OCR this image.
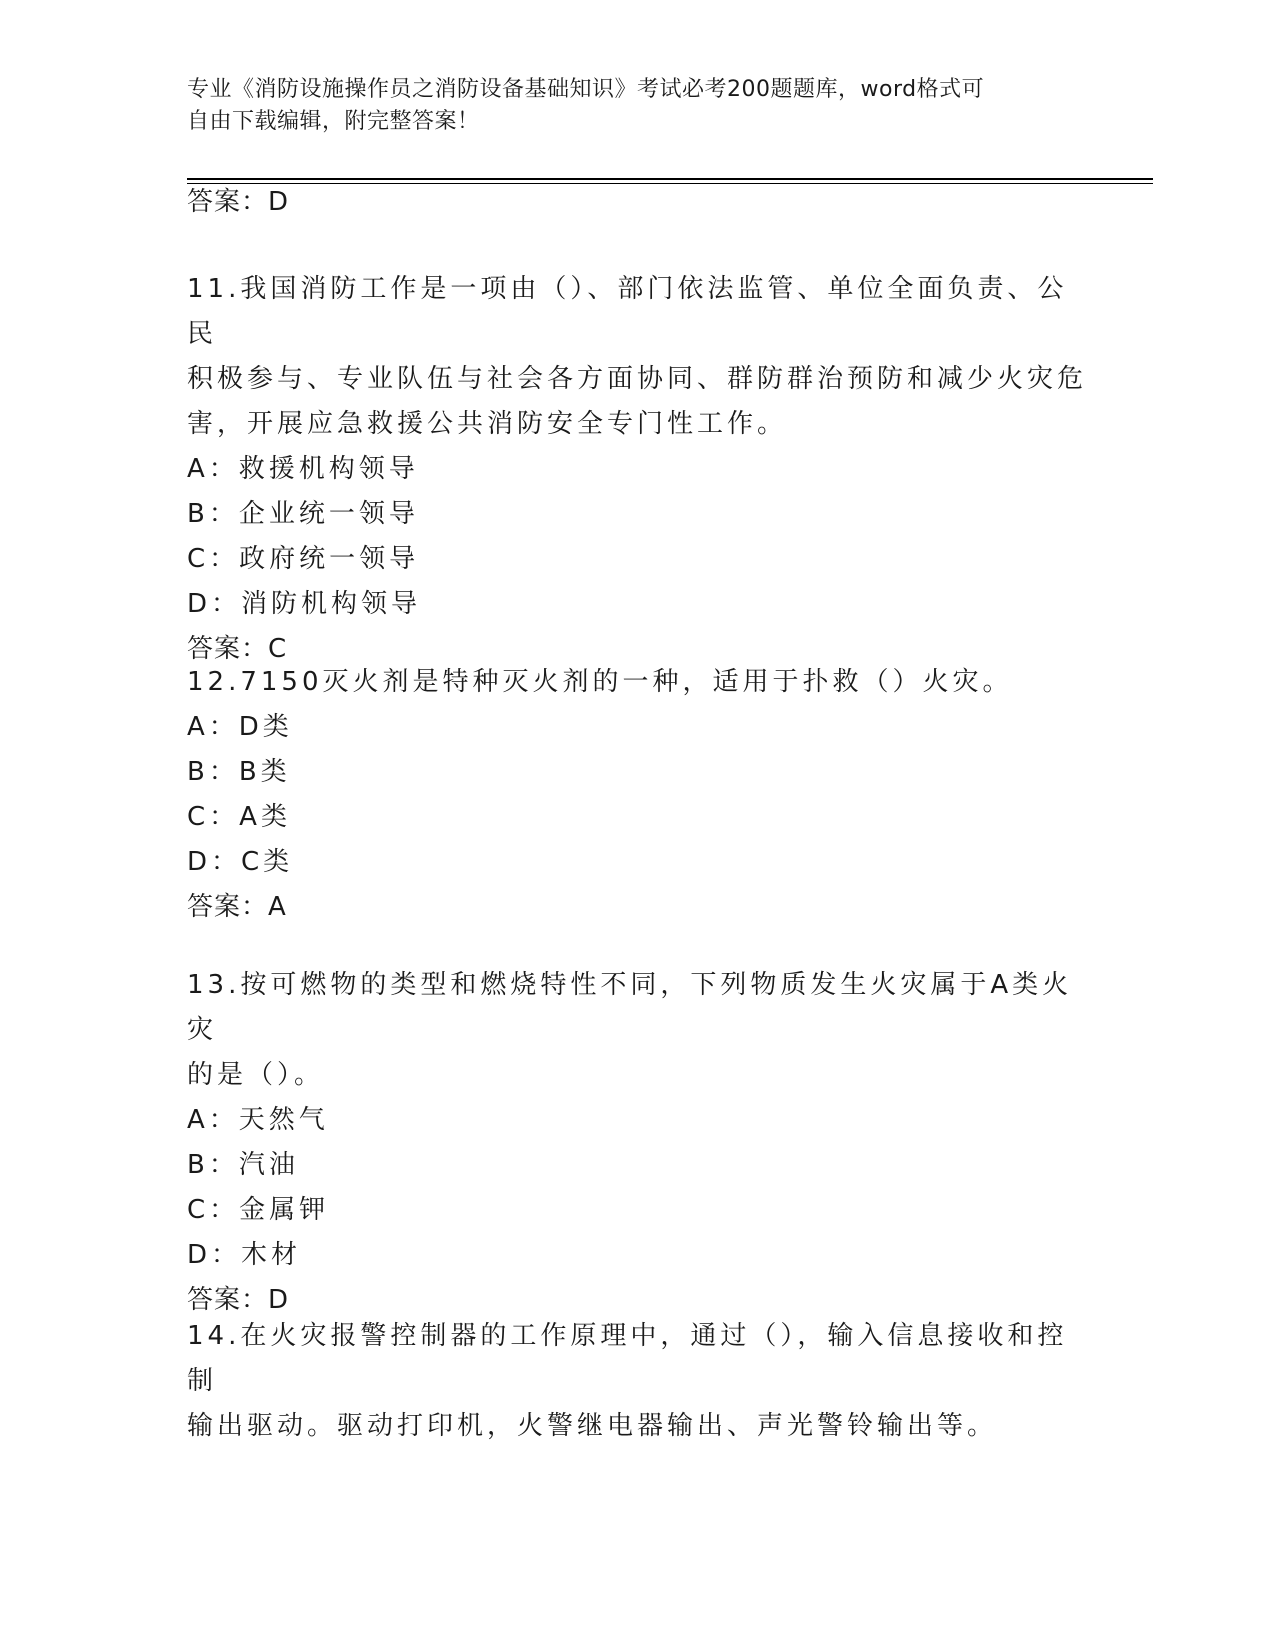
专业《消防设施操作员之消防设备基础知识》考试必考200题题库，word格式可
自由下载编辑，附完整答案！
答案：D
11.我国消防工作是一项由（）、部门依法监管、单位全面负责、公民
积极参与、专业队伍与社会各方面协同、群防群治预防和减少火灾危
害，开展应急救援公共消防安全专门性工作。
A：救援机构领导
B：企业统一领导
C：政府统一领导
D：消防机构领导
答案：C
12.7150灭火剂是特种灭火剂的一种，适用于扑救（）火灾。
A：D类
B：B类
C：A类
D：C类
答案：A
13.按可燃物的类型和燃烧特性不同，下列物质发生火灾属于A类火灾
的是（）。
A：天然气
B：汽油
C：金属钾
D：木材
答案：D
14.在火灾报警控制器的工作原理中，通过（），输入信息接收和控制
输出驱动。驱动打印机，火警继电器输出、声光警铃输出等。
